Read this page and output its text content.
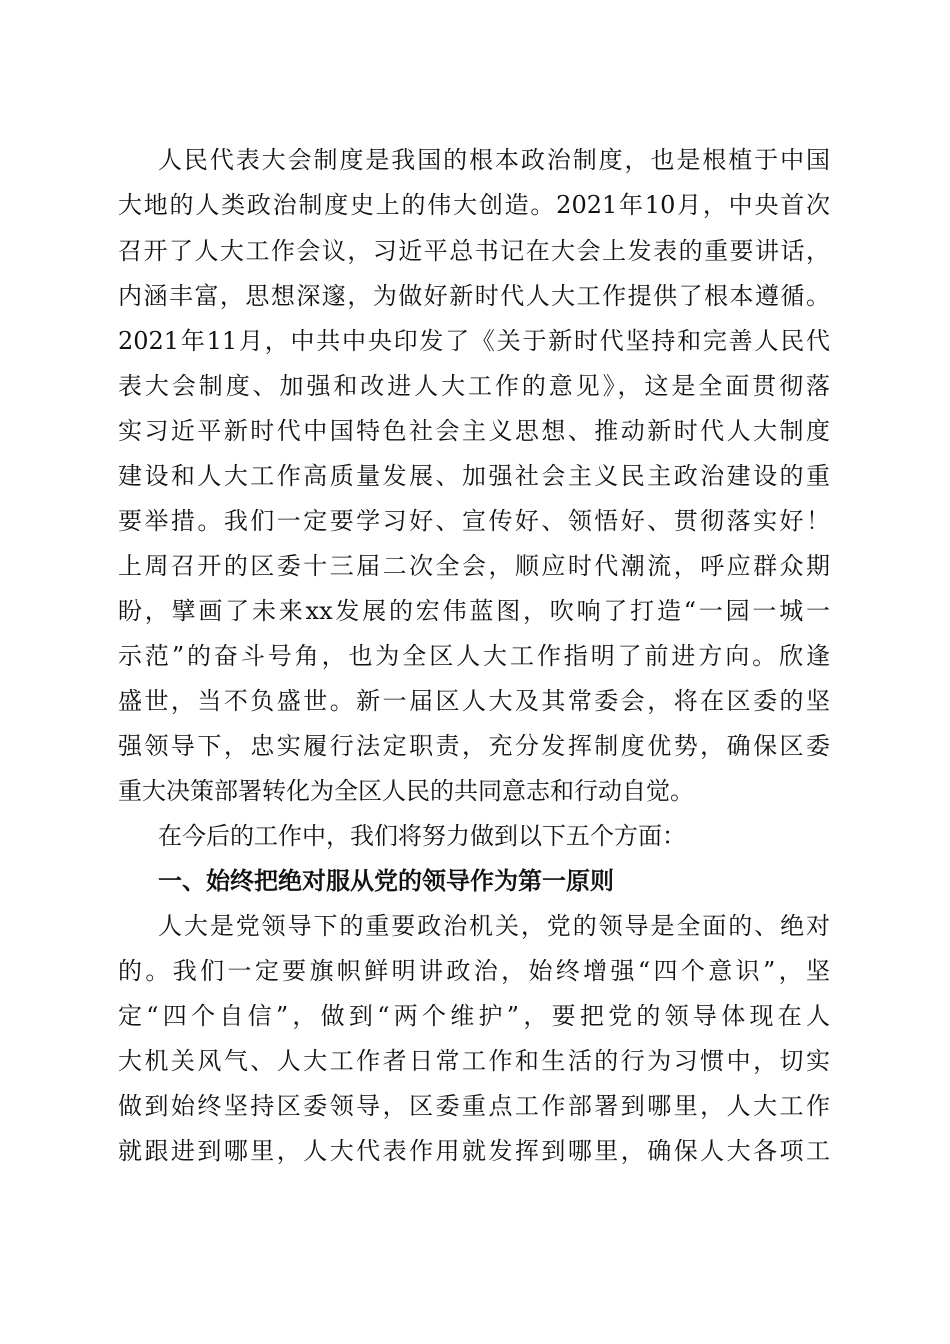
人民代表大会制度是我国的根本政治制度，也是根植于中国
大地的人类政治制度史上的伟大创造。2021年10月，中央首次
召开了人大工作会议，习近平总书记在大会上发表的重要讲话，
内涵丰富，思想深邃，为做好新时代人大工作提供了根本遵循。
2021年11月，中共中央印发了《关于新时代坚持和完善人民代
表大会制度、加强和改进人大工作的意见》，这是全面贯彻落
实习近平新时代中国特色社会主义思想、推动新时代人大制度
建设和人大工作高质量发展、加强社会主义民主政治建设的重
要举措。我们一定要学习好、宣传好、领悟好、贯彻落实好！
上周召开的区委十三届二次全会，顺应时代潮流，呼应群众期
盼，擘画了未来xx发展的宏伟蓝图，吹响了打造“一园一城一
示范”的奋斗号角，也为全区人大工作指明了前进方向。欣逢
盛世，当不负盛世。新一届区人大及其常委会，将在区委的坚
强领导下，忠实履行法定职责，充分发挥制度优势，确保区委
重大决策部署转化为全区人民的共同意志和行动自觉。
在今后的工作中，我们将努力做到以下五个方面：
一、始终把绝对服从党的领导作为第一原则
人大是党领导下的重要政治机关，党的领导是全面的、绝对
的。我们一定要旗帜鲜明讲政治，始终增强“四个意识”，坚
定“四个自信”，做到“两个维护”，要把党的领导体现在人
大机关风气、人大工作者日常工作和生活的行为习惯中，切实
做到始终坚持区委领导，区委重点工作部署到哪里，人大工作
就跟进到哪里，人大代表作用就发挥到哪里，确保人大各项工
